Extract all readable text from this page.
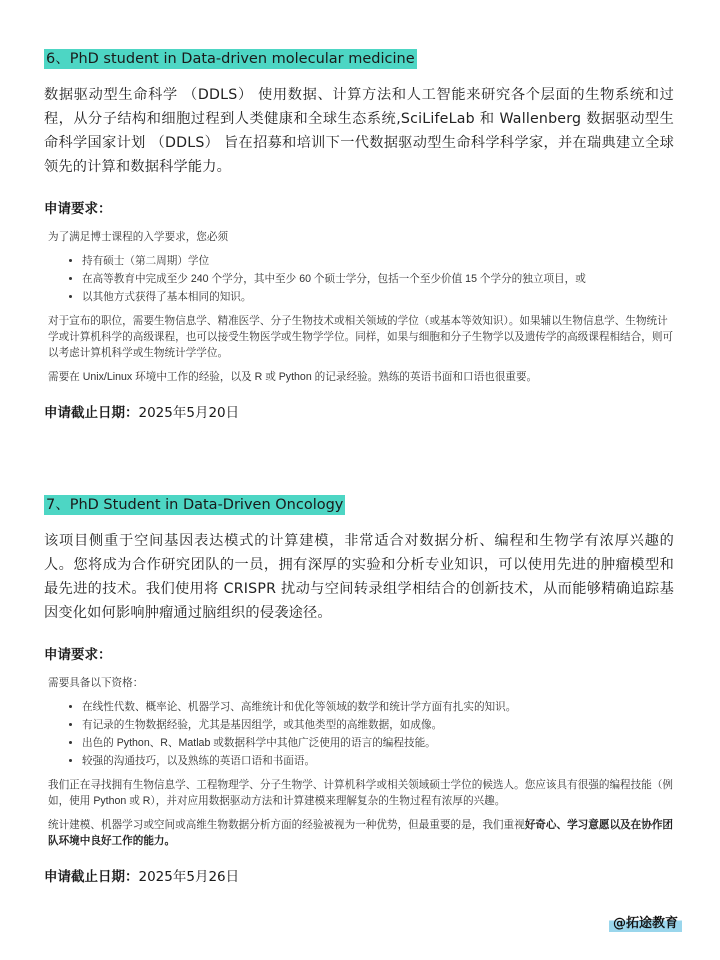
6、PhD student in Data-driven molecular medicine
数据驱动型生命科学 （DDLS） 使用数据、计算方法和人工智能来研究各个层面的生物系统和过程，从分子结构和细胞过程到人类健康和全球生态系统,SciLifeLab 和 Wallenberg 数据驱动型生命科学国家计划 （DDLS） 旨在招募和培训下一代数据驱动型生命科学科学家，并在瑞典建立全球领先的计算和数据科学能力。
申请要求：

为了满足博士课程的入学要求，您必须

• 持有硕士（第二周期）学位
• 在高等教育中完成至少 240 个学分，其中至少 60 个硕士学分，包括一个至少价值 15 个学分的独立项目，或
• 以其他方式获得了基本相同的知识。

对于宣布的职位，需要生物信息学、精准医学、分子生物技术或相关领域的学位（或基本等效知识）。如果辅以生物信息学、生物统计学或计算机科学的高级课程，也可以接受生物医学或生物学学位。同样，如果与细胞和分子生物学以及遗传学的高级课程相结合，则可以考虑计算机科学或生物统计学学位。

需要在 Unix/Linux 环境中工作的经验，以及 R 或 Python 的记录经验。熟练的英语书面和口语也很重要。

申请截止日期：2025年5月20日
7、PhD Student in Data-Driven Oncology
该项目侧重于空间基因表达模式的计算建模，非常适合对数据分析、编程和生物学有浓厚兴趣的人。您将成为合作研究团队的一员，拥有深厚的实验和分析专业知识，可以使用先进的肿瘤模型和最先进的技术。我们使用将 CRISPR 扰动与空间转录组学相结合的创新技术，从而能够精确追踪基因变化如何影响肿瘤通过脑组织的侵袭途径。
申请要求：

需要具备以下资格：

• 在线性代数、概率论、机器学习、高维统计和优化等领域的数学和统计学方面有扎实的知识。
• 有记录的生物数据经验，尤其是基因组学，或其他类型的高维数据，如成像。
• 出色的 Python、R、Matlab 或数据科学中其他广泛使用的语言的编程技能。
• 较强的沟通技巧，以及熟练的英语口语和书面语。

我们正在寻找拥有生物信息学、工程物理学、分子生物学、计算机科学或相关领域硕士学位的候选人。您应该具有很强的编程技能（例如，使用 Python 或 R），并对应用数据驱动方法和计算建模来理解复杂的生物过程有浓厚的兴趣。

统计建模、机器学习或空间或高维生物数据分析方面的经验被视为一种优势，但最重要的是，我们重视好奇心、学习意愿以及在协作团队环境中良好工作的能力。

申请截止日期：2025年5月26日
@拓途教育
